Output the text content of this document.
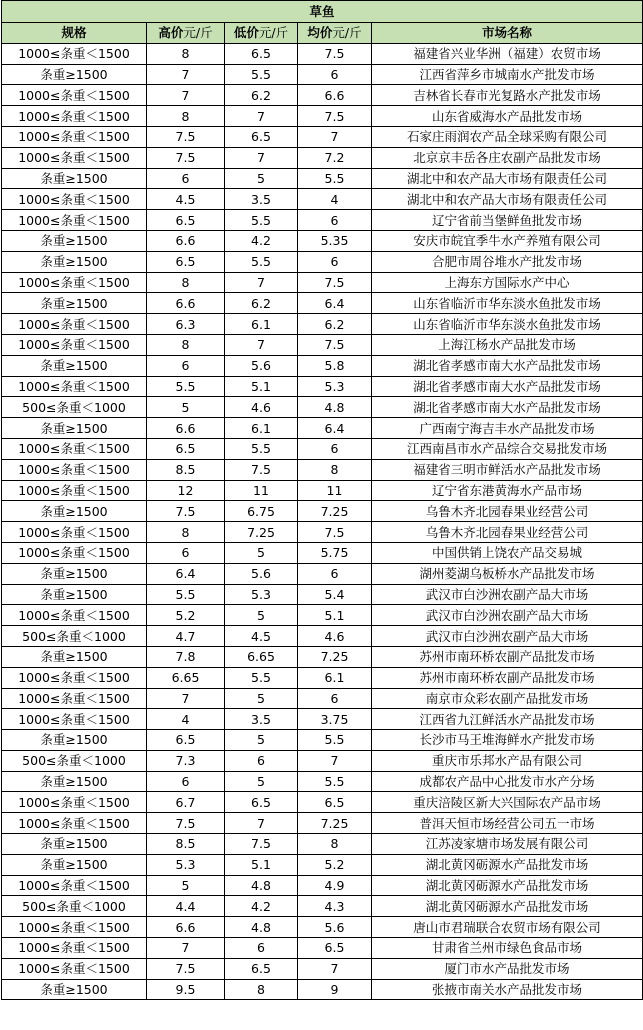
草鱼				
规格	高价元/斤	低价元/斤	均价元/斤	市场名称
1000≤条重＜1500	8	6.5	7.5	福建省兴业华洲（福建）农贸市场
条重≥1500	7	5.5	6	江西省萍乡市城南水产批发市场
1000≤条重＜1500	7	6.2	6.6	吉林省长春市光复路水产批发市场
1000≤条重＜1500	8	7	7.5	山东省威海水产品批发市场
1000≤条重＜1500	7.5	6.5	7	石家庄雨润农产品全球采购有限公司
1000≤条重＜1500	7.5	7	7.2	北京京丰岳各庄农副产品批发市场
条重≥1500	6	5	5.5	湖北中和农产品大市场有限责任公司
1000≤条重＜1500	4.5	3.5	4	湖北中和农产品大市场有限责任公司
1000≤条重＜1500	6.5	5.5	6	辽宁省前当堡鲜鱼批发市场
条重≥1500	6.6	4.2	5.35	安庆市皖宜季牛水产养殖有限公司
条重≥1500	6.5	5.5	6	合肥市周谷堆水产批发市场
1000≤条重＜1500	8	7	7.5	上海东方国际水产中心
条重≥1500	6.6	6.2	6.4	山东省临沂市华东淡水鱼批发市场
1000≤条重＜1500	6.3	6.1	6.2	山东省临沂市华东淡水鱼批发市场
1000≤条重＜1500	8	7	7.5	上海江杨水产品批发市场
条重≥1500	6	5.6	5.8	湖北省孝感市南大水产品批发市场
1000≤条重＜1500	5.5	5.1	5.3	湖北省孝感市南大水产品批发市场
500≤条重＜1000	5	4.6	4.8	湖北省孝感市南大水产品批发市场
条重≥1500	6.6	6.1	6.4	广西南宁海吉丰水产品批发市场
1000≤条重＜1500	6.5	5.5	6	江西南昌市水产品综合交易批发市场
1000≤条重＜1500	8.5	7.5	8	福建省三明市鲜活水产品批发市场
1000≤条重＜1500	12	11	11	辽宁省东港黄海水产品市场
条重≥1500	7.5	6.75	7.25	乌鲁木齐北园春果业经营公司
1000≤条重＜1500	8	7.25	7.5	乌鲁木齐北园春果业经营公司
1000≤条重＜1500	6	5	5.75	中国供销上饶农产品交易城
条重≥1500	6.4	5.6	6	湖州菱湖乌板桥水产品批发市场
条重≥1500	5.5	5.3	5.4	武汉市白沙洲农副产品大市场
1000≤条重＜1500	5.2	5	5.1	武汉市白沙洲农副产品大市场
500≤条重＜1000	4.7	4.5	4.6	武汉市白沙洲农副产品大市场
条重≥1500	7.8	6.65	7.25	苏州市南环桥农副产品批发市场
1000≤条重＜1500	6.65	5.5	6.1	苏州市南环桥农副产品批发市场
1000≤条重＜1500	7	5	6	南京市众彩农副产品批发市场
1000≤条重＜1500	4	3.5	3.75	江西省九江鲜活水产品批发市场
条重≥1500	6.5	5	5.5	长沙市马王堆海鲜水产批发市场
500≤条重＜1000	7.3	6	7	重庆市乐邦水产品有限公司
条重≥1500	6	5	5.5	成都农产品中心批发市水产分场
1000≤条重＜1500	6.7	6.5	6.5	重庆涪陵区新大兴国际农产品市场
1000≤条重＜1500	7.5	7	7.25	普洱天恒市场经营公司五一市场
条重≥1500	8.5	7.5	8	江苏凌家塘市场发展有限公司
条重≥1500	5.3	5.1	5.2	湖北黄冈砺源水产品批发市场
1000≤条重＜1500	5	4.8	4.9	湖北黄冈砺源水产品批发市场
500≤条重＜1000	4.4	4.2	4.3	湖北黄冈砺源水产品批发市场
1000≤条重＜1500	6.6	4.8	5.6	唐山市君瑞联合农贸市场有限公司
1000≤条重＜1500	7	6	6.5	甘肃省兰州市绿色食品市场
1000≤条重＜1500	7.5	6.5	7	厦门市水产品批发市场
条重≥1500	9.5	8	9	张掖市南关水产品批发市场
